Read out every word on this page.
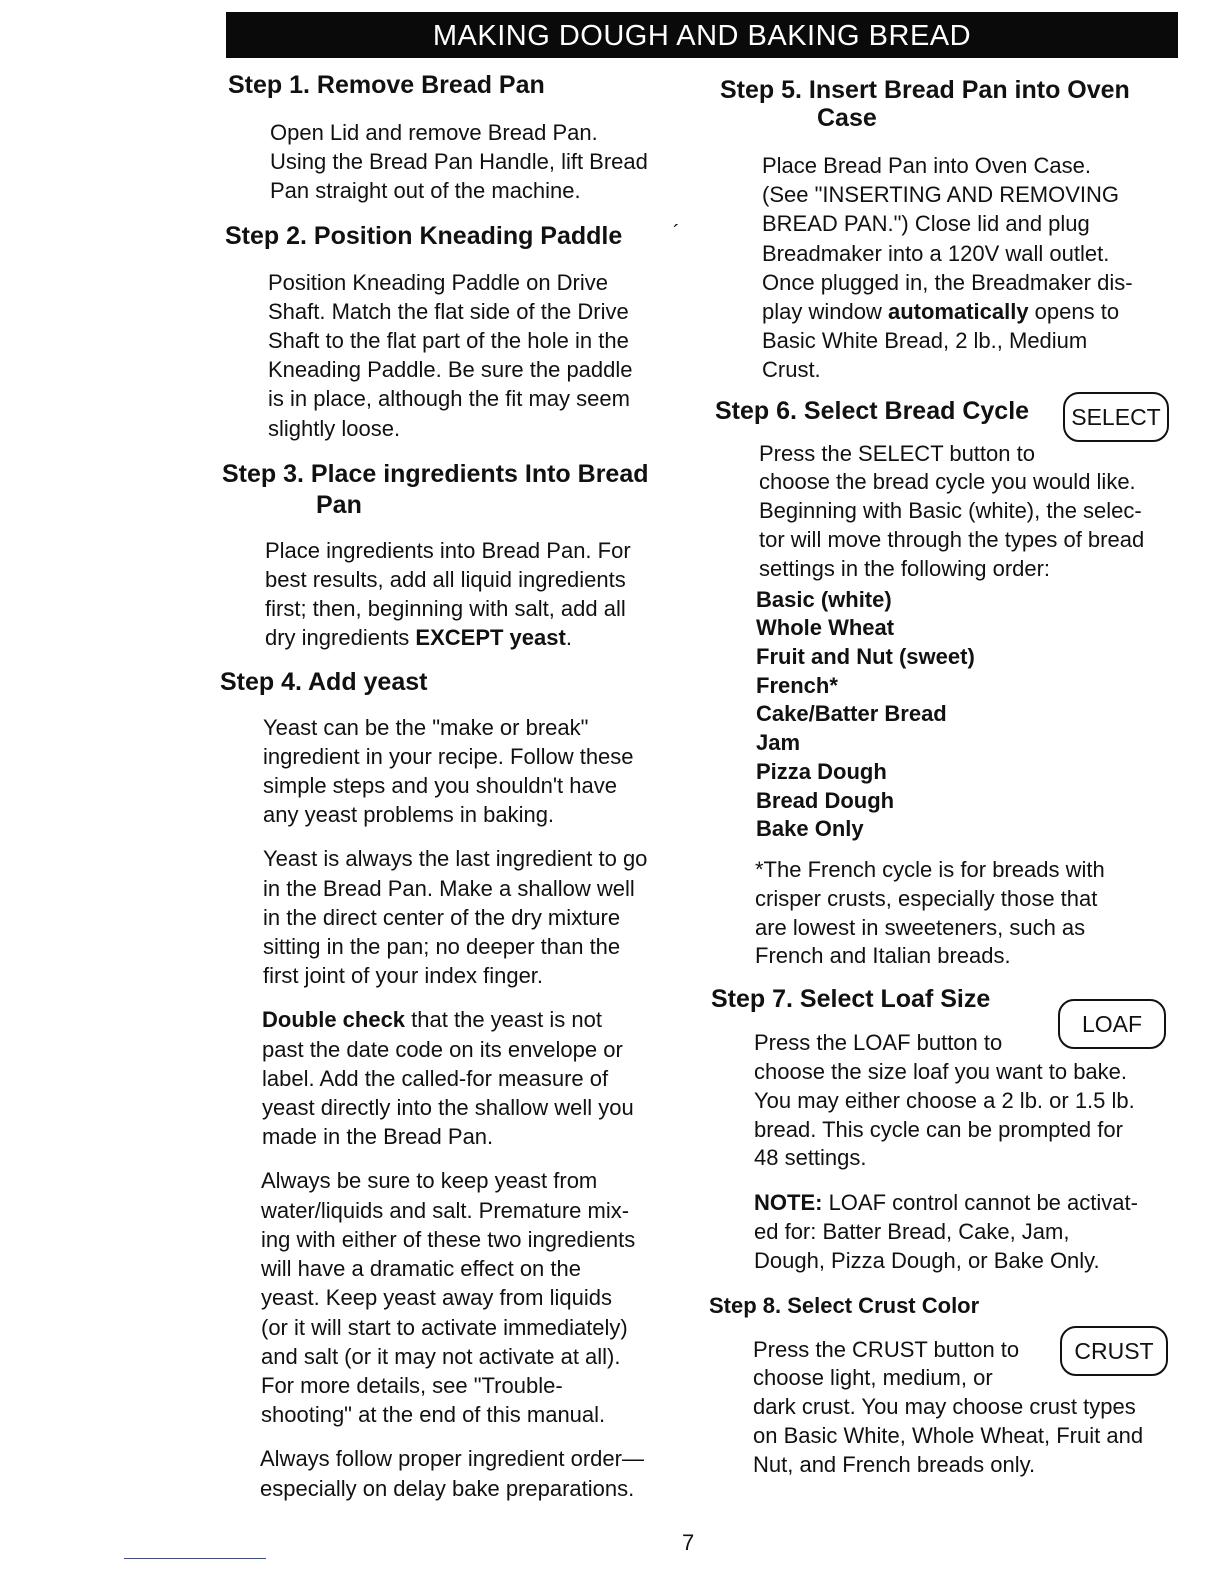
MAKING DOUGH AND BAKING BREAD
Step 1. Remove Bread Pan
Open Lid and remove Bread Pan.
Using the Bread Pan Handle, lift Bread
Pan straight out of the machine.
Step 2. Position Kneading Paddle
Position Kneading Paddle on Drive
Shaft. Match the flat side of the Drive
Shaft to the flat part of the hole in the
Kneading Paddle. Be sure the paddle
is in place, although the fit may seem
slightly loose.
Step 3. Place ingredients Into Bread
Pan
Place ingredients into Bread Pan. For
best results, add all liquid ingredients
first; then, beginning with salt, add all
dry ingredients EXCEPT yeast.
Step 4. Add yeast
Yeast can be the "make or break"
ingredient in your recipe. Follow these
simple steps and you shouldn't have
any yeast problems in baking.
Yeast is always the last ingredient to go
in the Bread Pan. Make a shallow well
in the direct center of the dry mixture
sitting in the pan; no deeper than the
first joint of your index finger.
Double check that the yeast is not
past the date code on its envelope or
label. Add the called-for measure of
yeast directly into the shallow well you
made in the Bread Pan.
Always be sure to keep yeast from
water/liquids and salt. Premature mix-
ing with either of these two ingredients
will have a dramatic effect on the
yeast. Keep yeast away from liquids
(or it will start to activate immediately)
and salt (or it may not activate at all).
For more details, see "Trouble-
shooting" at the end of this manual.
Always follow proper ingredient order—
especially on delay bake preparations.
Step 5. Insert Bread Pan into Oven
Case
Place Bread Pan into Oven Case.
(See "INSERTING AND REMOVING
BREAD PAN.") Close lid and plug
Breadmaker into a 120V wall outlet.
Once plugged in, the Breadmaker dis-
play window automatically opens to
Basic White Bread, 2 lb., Medium
Crust.
Step 6. Select Bread Cycle
Press the SELECT button to
choose the bread cycle you would like.
Beginning with Basic (white), the selec-
tor will move through the types of bread
settings in the following order:
Basic (white)
Whole Wheat
Fruit and Nut (sweet)
French*
Cake/Batter Bread
Jam
Pizza Dough
Bread Dough
Bake Only
*The French cycle is for breads with
crisper crusts, especially those that
are lowest in sweeteners, such as
French and Italian breads.
Step 7. Select Loaf Size
Press the LOAF button to
choose the size loaf you want to bake.
You may either choose a 2 lb. or 1.5 lb.
bread. This cycle can be prompted for
48 settings.
NOTE: LOAF control cannot be activat-
ed for: Batter Bread, Cake, Jam,
Dough, Pizza Dough, or Bake Only.
Step 8. Select Crust Color
Press the CRUST button to
choose light, medium, or
dark crust. You may choose crust types
on Basic White, Whole Wheat, Fruit and
Nut, and French breads only.
SELECT
LOAF
CRUST
´
7
